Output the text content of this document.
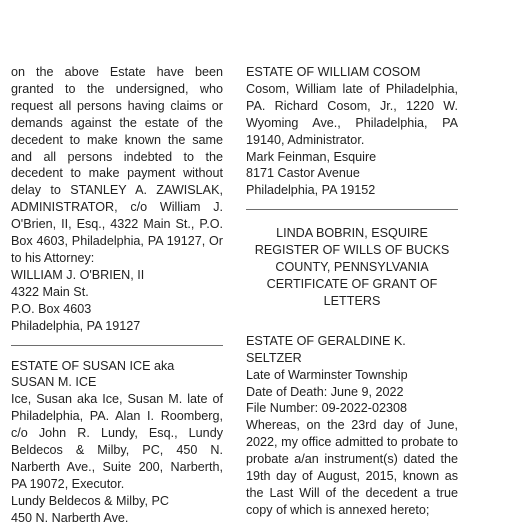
on the above Estate have been granted to the undersigned, who request all persons having claims or demands against the estate of the decedent to make known the same and all persons indebted to the decedent to make payment without delay to STANLEY A. ZAWISLAK, ADMINISTRATOR, c/o William J. O'Brien, II, Esq., 4322 Main St., P.O. Box 4603, Philadelphia, PA 19127, Or to his Attorney:

WILLIAM J. O'BRIEN, II
4322 Main St.
P.O. Box 4603
Philadelphia, PA 19127
ESTATE OF SUSAN ICE aka
SUSAN M. ICE

Ice, Susan aka Ice, Susan M. late of Philadelphia, PA. Alan I. Roomberg, c/o John R. Lundy, Esq., Lundy Beldecos & Milby, PC, 450 N. Narberth Ave., Suite 200, Narberth, PA 19072, Executor.

Lundy Beldecos & Milby, PC
450 N. Narberth Ave.
ESTATE OF WILLIAM COSOM

Cosom, William late of Philadelphia, PA. Richard Cosom, Jr., 1220 W. Wyoming Ave., Philadelphia, PA 19140, Administrator.

Mark Feinman, Esquire
8171 Castor Avenue
Philadelphia, PA 19152
LINDA BOBRIN, ESQUIRE
REGISTER OF WILLS OF BUCKS
COUNTY, PENNSYLVANIA
CERTIFICATE OF GRANT OF
LETTERS
ESTATE OF GERALDINE K.
SELTZER
Late of Warminster Township
Date of Death: June 9, 2022
File Number: 09-2022-02308

Whereas, on the 23rd day of June, 2022, my office admitted to probate to probate a/an instrument(s) dated the 19th day of August, 2015, known as the Last Will of the decedent a true copy of which is annexed hereto;
